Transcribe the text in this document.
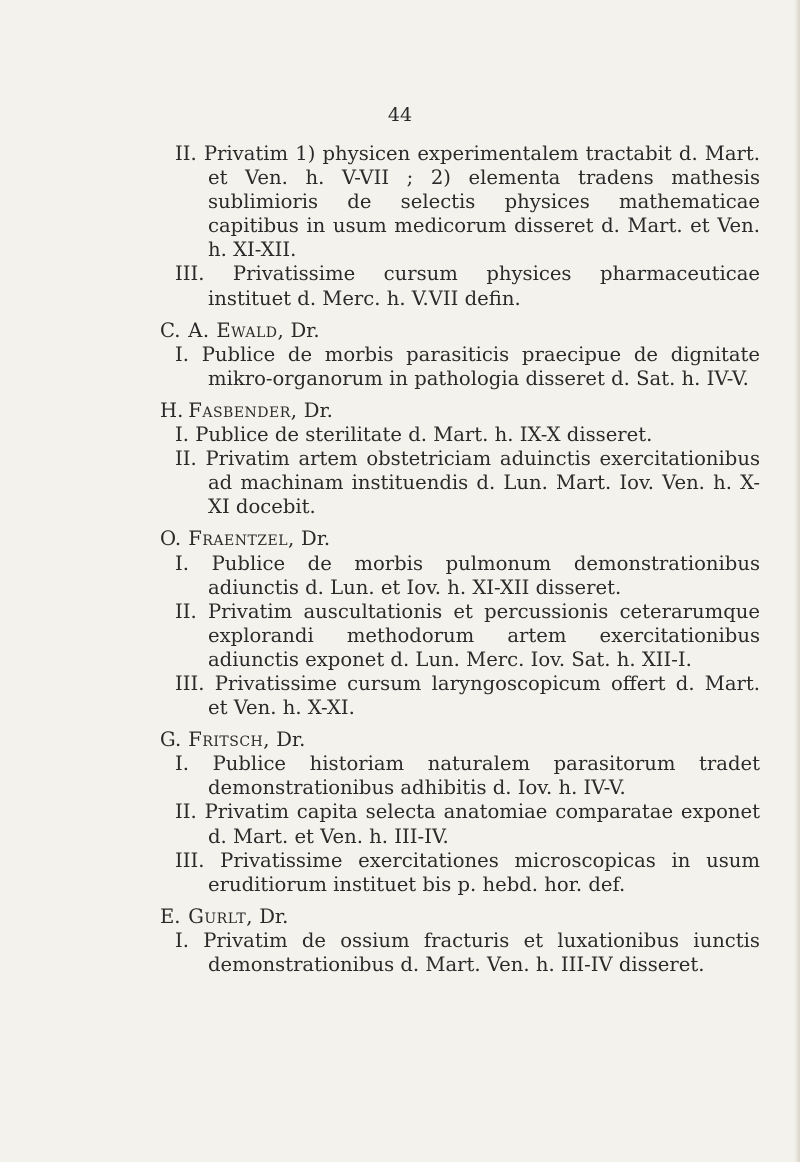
44
II. Privatim 1) physicen experimentalem tractabit d. Mart. et Ven. h. V-VII ; 2) elementa tradens mathesis sublimioris de selectis physices mathematicae capitibus in usum medicorum disseret d. Mart. et Ven. h. XI-XII.
III. Privatissime cursum physices pharmaceuticae instituet d. Merc. h. V.VII defin.
C. A. Ewald, Dr.
I. Publice de morbis parasiticis praecipue de dignitate mikro-organorum in pathologia disseret d. Sat. h. IV-V.
H. Fasbender, Dr.
I. Publice de sterilitate d. Mart. h. IX-X disseret.
II. Privatim artem obstetriciam aduinctis exercitationibus ad machinam instituendis d. Lun. Mart. Iov. Ven. h. X-XI docebit.
O. Fraentzel, Dr.
I. Publice de morbis pulmonum demonstrationibus adiunctis d. Lun. et Iov. h. XI-XII disseret.
II. Privatim auscultationis et percussionis ceterarumque explorandi methodorum artem exercitationibus adiunctis exponet d. Lun. Merc. Iov. Sat. h. XII-I.
III. Privatissime cursum laryngoscopicum offert d. Mart. et Ven. h. X-XI.
G. Fritsch, Dr.
I. Publice historiam naturalem parasitorum tradet demonstrationibus adhibitis d. Iov. h. IV-V.
II. Privatim capita selecta anatomiae comparatae exponet d. Mart. et Ven. h. III-IV.
III. Privatissime exercitationes microscopicas in usum eruditiorum instituet bis p. hebd. hor. def.
E. Gurlt, Dr.
I. Privatim de ossium fracturis et luxationibus iunctis demonstrationibus d. Mart. Ven. h. III-IV disseret.
